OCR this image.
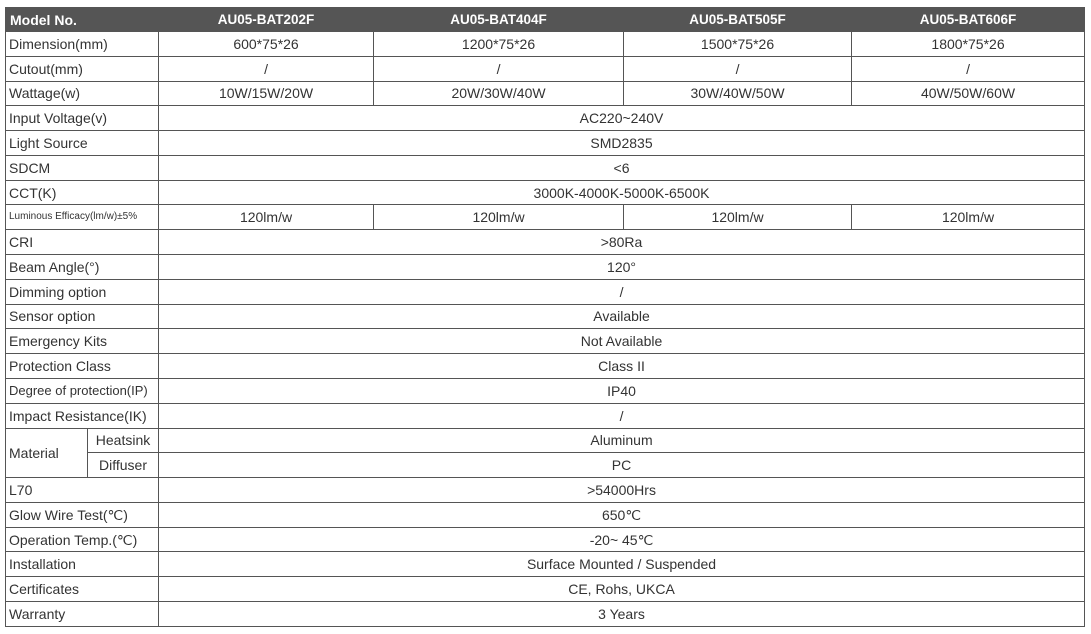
Model No.		AU05-BAT202F	AU05-BAT404F	AU05-BAT505F	AU05-BAT606F
Dimension(mm)		600*75*26	1200*75*26	1500*75*26	1800*75*26
Cutout(mm)		/	/	/	/
Wattage(w)		10W/15W/20W	20W/30W/40W	30W/40W/50W	40W/50W/60W
Input Voltage(v)		AC220~240V			
Light Source		SMD2835			
SDCM		<6			
CCT(K)		3000K-4000K-5000K-6500K			
Luminous Efficacy(lm/w)±5%		120lm/w	120lm/w	120lm/w	120lm/w
CRI		>80Ra			
Beam Angle(°)		120°			
Dimming option		/			
Sensor option		Available			
Emergency Kits		Not Available			
Protection Class		Class II			
Degree of protection(IP)		IP40			
Impact Resistance(IK)		/			
Material	Heatsink	Aluminum			
	Diffuser	PC			
L70		>54000Hrs			
Glow Wire Test(℃)		650℃			
Operation Temp.(℃)		-20~ 45℃			
Installation		Surface Mounted / Suspended			
Certificates		CE, Rohs, UKCA			
Warranty		3 Years			
